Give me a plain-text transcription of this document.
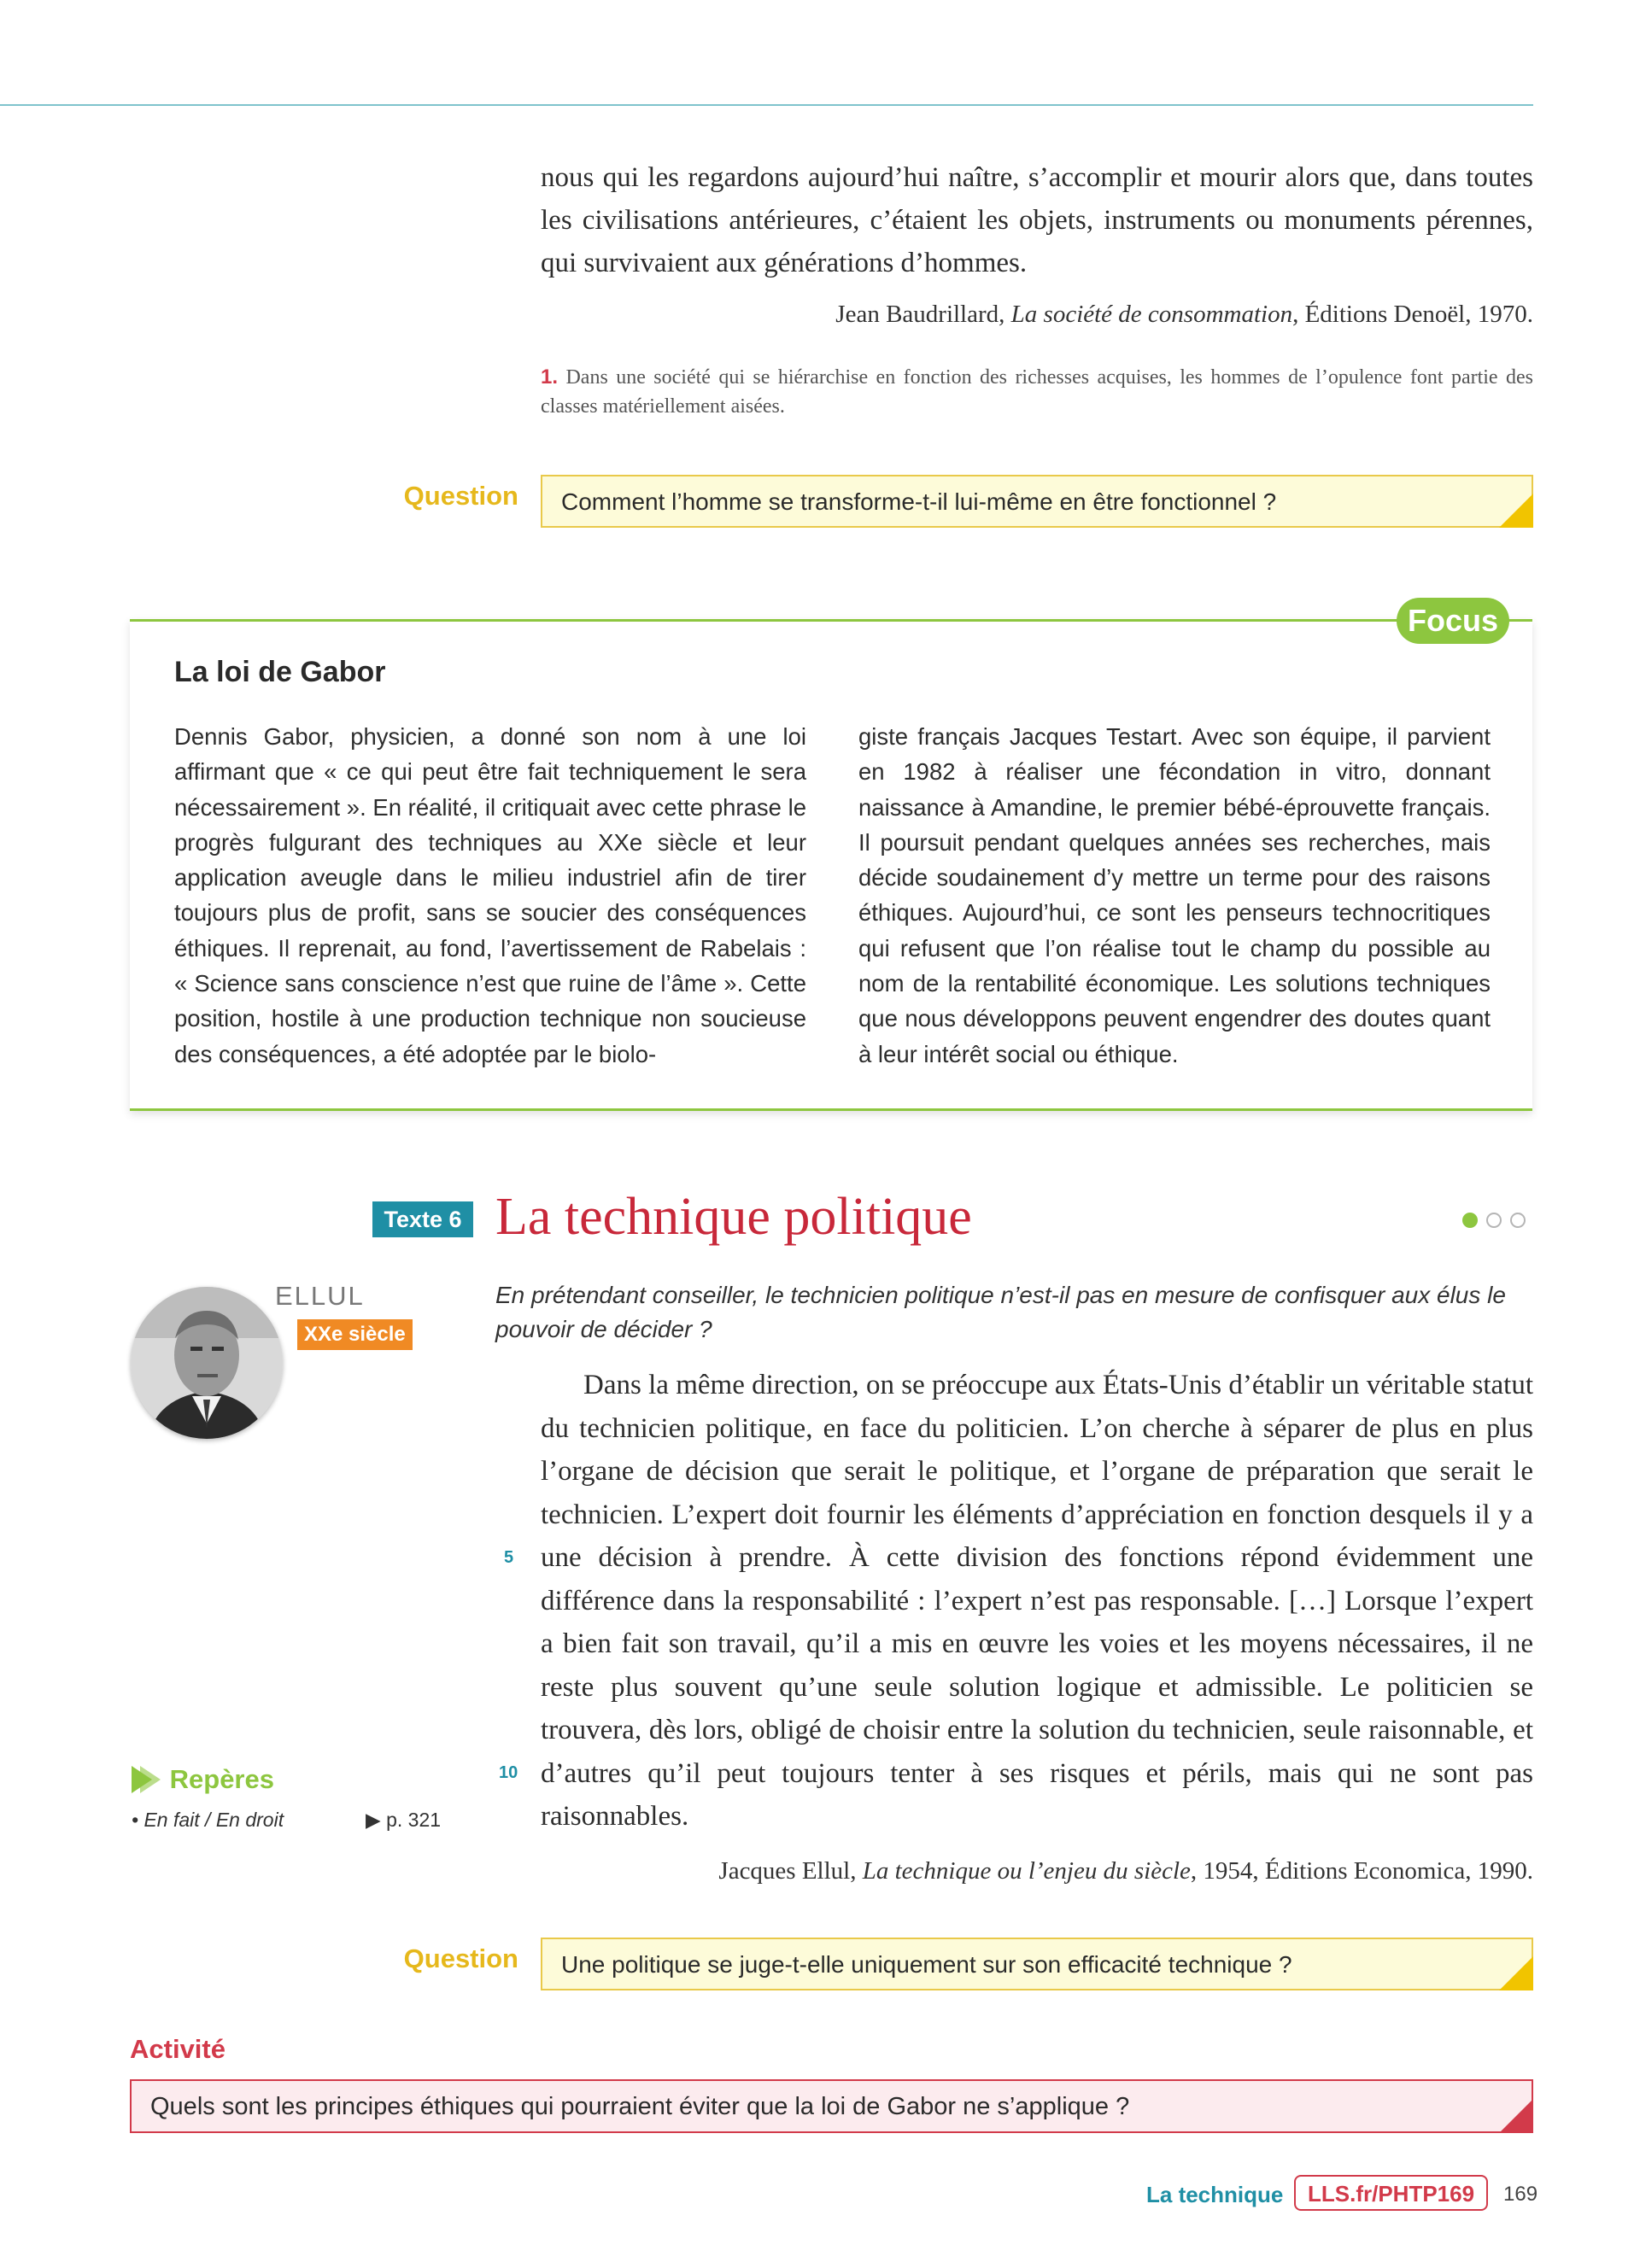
nous qui les regardons aujourd’hui naître, s’accomplir et mourir alors que, dans toutes les civilisations antérieures, c’étaient les objets, instruments ou monuments pérennes, qui survivaient aux générations d’hommes.

Jean Baudrillard, La société de consommation, Éditions Denoël, 1970.
1. Dans une société qui se hiérarchise en fonction des richesses acquises, les hommes de l’opulence font partie des classes matériellement aisées.
Question Comment l’homme se transforme-t-il lui-même en être fonctionnel ?
Focus
La loi de Gabor

Dennis Gabor, physicien, a donné son nom à une loi affirmant que « ce qui peut être fait techniquement le sera nécessairement ». En réalité, il critiquait avec cette phrase le progrès fulgurant des techniques au XXe siècle et leur application aveugle dans le milieu industriel afin de tirer toujours plus de profit, sans se soucier des conséquences éthiques. Il reprenait, au fond, l’avertissement de Rabelais : « Science sans conscience n’est que ruine de l’âme ». Cette position, hostile à une production technique non soucieuse des conséquences, a été adoptée par le biolo-

giste français Jacques Testart. Avec son équipe, il parvient en 1982 à réaliser une fécondation in vitro, donnant naissance à Amandine, le premier bébé-éprouvette français. Il poursuit pendant quelques années ses recherches, mais décide soudainement d’y mettre un terme pour des raisons éthiques. Aujourd’hui, ce sont les penseurs technocritiques qui refusent que l’on réalise tout le champ du possible au nom de la rentabilité économique. Les solutions techniques que nous développons peuvent engendrer des doutes quant à leur intérêt social ou éthique.

Texte 6 La technique politique
ELLUL
XXe siècle
En prétendant conseiller, le technicien politique n’est-il pas en mesure de confisquer aux élus le pouvoir de décider ?

Dans la même direction, on se préoccupe aux États-Unis d’établir un véritable statut du technicien politique, en face du politicien. L’on cherche à séparer de plus en plus l’organe de décision que serait le politique, et l’organe de préparation que serait le technicien. L’expert doit fournir les éléments d’appréciation en fonction desquels il y a une décision à prendre. À cette division des fonctions répond évidemment une différence dans la responsabilité : l’expert n’est pas responsable. […] Lorsque l’expert a bien fait son travail, qu’il a mis en œuvre les voies et les moyens nécessaires, il ne reste plus souvent qu’une seule solution logique et admissible. Le politicien se trouvera, dès lors, obligé de choisir entre la solution du technicien, seule raisonnable, et d’autres qu’il peut toujours tenter à ses risques et périls, mais qui ne sont pas raisonnables.

5
10
Jacques Ellul, La technique ou l’enjeu du siècle, 1954, Éditions Economica, 1990.
Repères
• En fait / En droit	▶ p. 321
Question Une politique se juge-t-elle uniquement sur son efficacité technique ?
Activité
Quels sont les principes éthiques qui pourraient éviter que la loi de Gabor ne s’applique ?
La technique	LLS.fr/PHTP169	169
